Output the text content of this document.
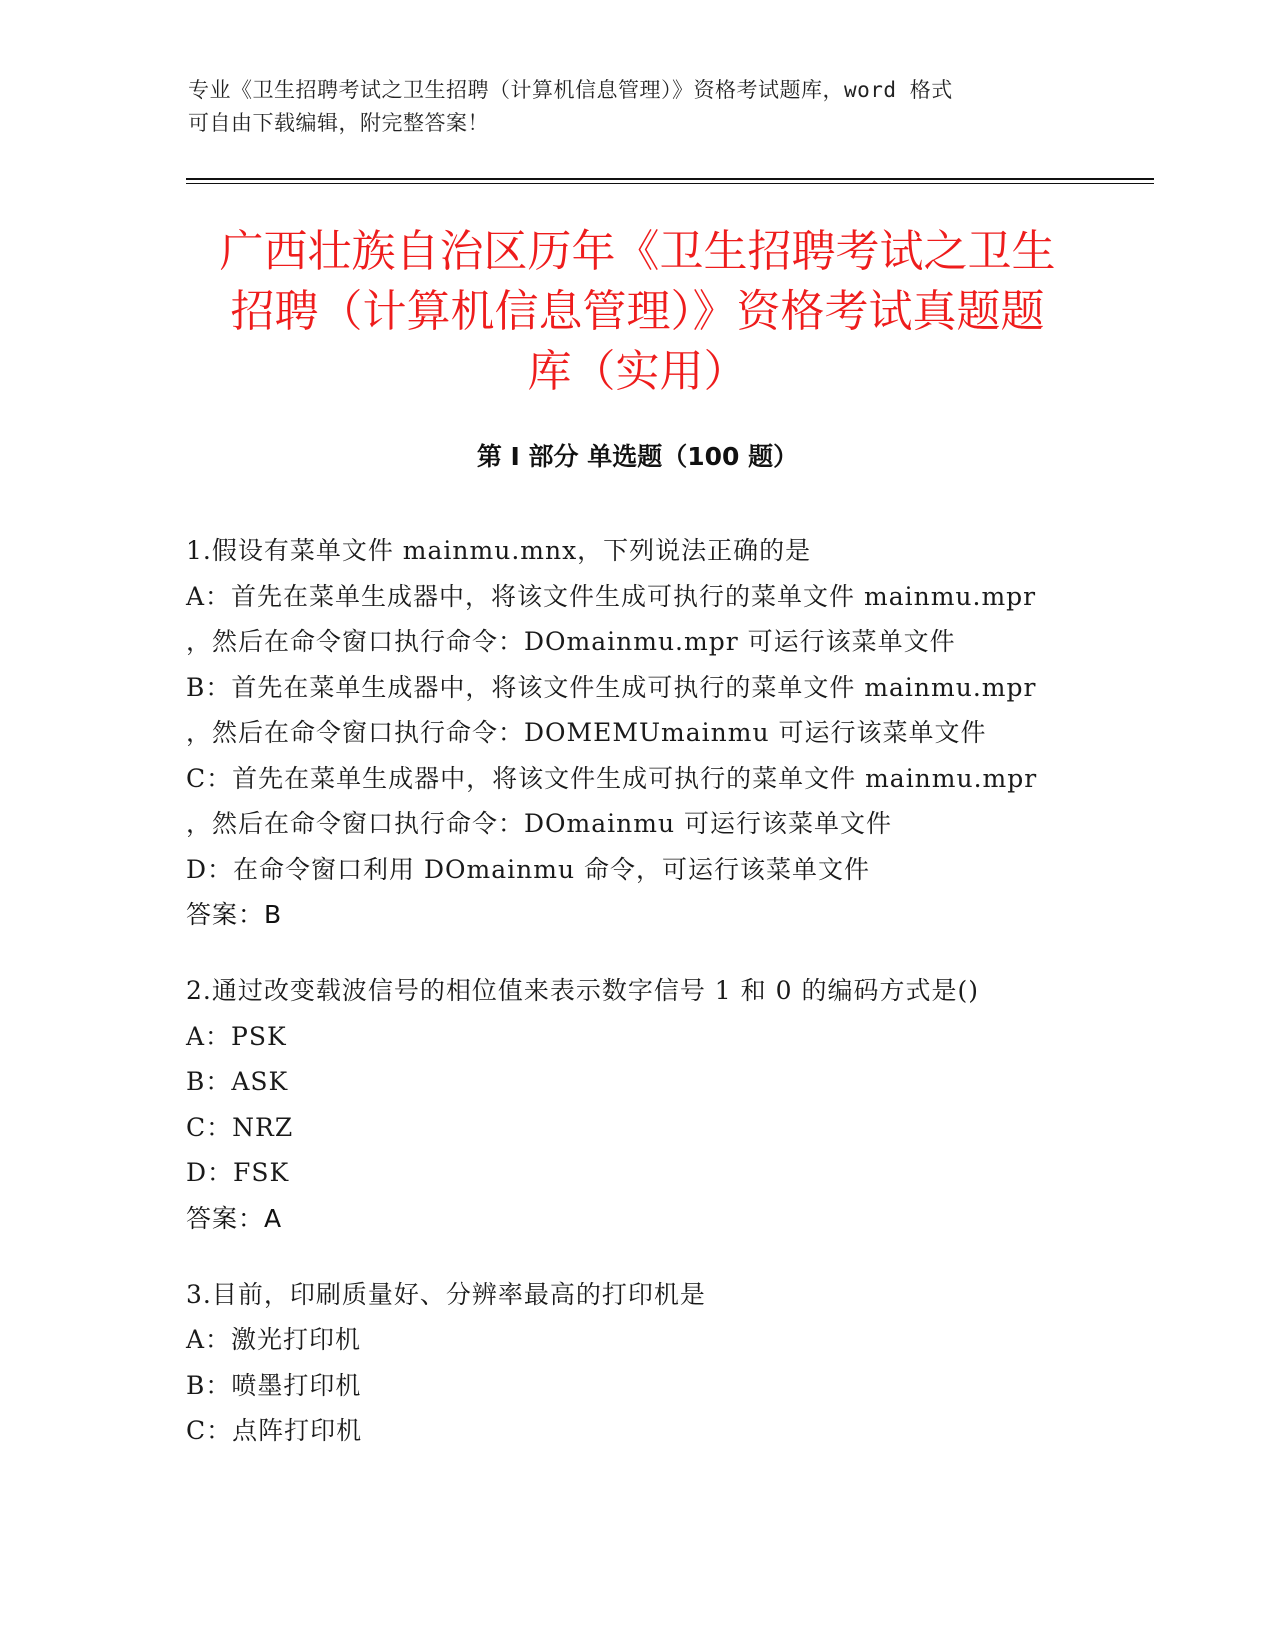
专业《卫生招聘考试之卫生招聘（计算机信息管理）》资格考试题库，word 格式
可自由下载编辑，附完整答案！
广西壮族自治区历年《卫生招聘考试之卫生
招聘（计算机信息管理）》资格考试真题题
库（实用）
第 I 部分 单选题（100 题）
1.假设有菜单文件 mainmu.mnx，下列说法正确的是
A：首先在菜单生成器中，将该文件生成可执行的菜单文件 mainmu.mpr
，然后在命令窗口执行命令：DOmainmu.mpr 可运行该菜单文件
B：首先在菜单生成器中，将该文件生成可执行的菜单文件 mainmu.mpr
，然后在命令窗口执行命令：DOMEMUmainmu 可运行该菜单文件
C：首先在菜单生成器中，将该文件生成可执行的菜单文件 mainmu.mpr
，然后在命令窗口执行命令：DOmainmu 可运行该菜单文件
D：在命令窗口利用 DOmainmu 命令，可运行该菜单文件
答案：B
2.通过改变载波信号的相位值来表示数字信号 1 和 0 的编码方式是()
A：PSK
B：ASK
C：NRZ
D：FSK
答案：A
3.目前，印刷质量好、分辨率最高的打印机是
A：激光打印机
B：喷墨打印机
C：点阵打印机
